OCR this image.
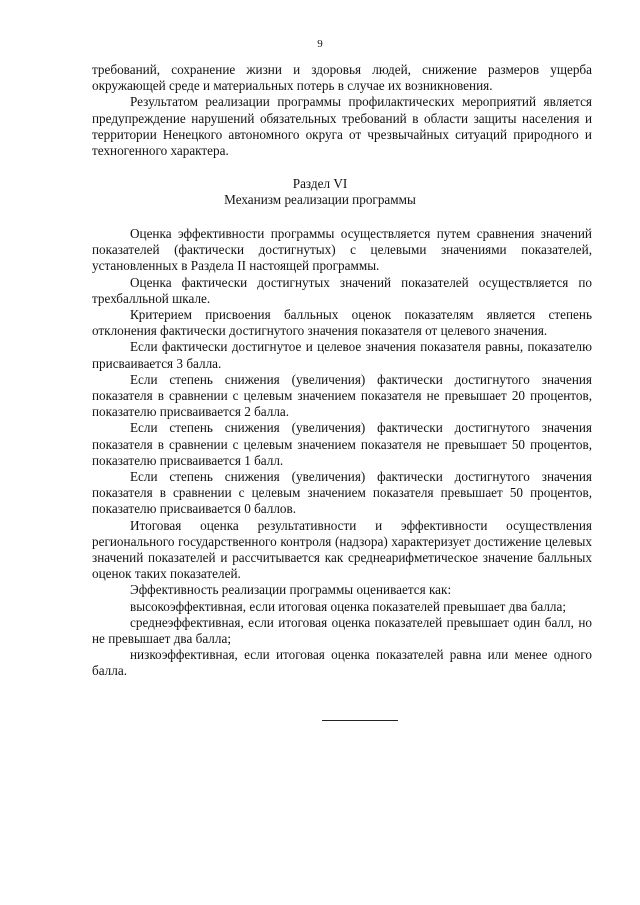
9

требований, сохранение жизни и здоровья людей, снижение размеров ущерба окружающей среде и материальных потерь в случае их возникновения.

Результатом реализации программы профилактических мероприятий является предупреждение нарушений обязательных требований в области защиты населения и территории Ненецкого автономного округа от чрезвычайных ситуаций природного и техногенного характера.

Раздел VI
Механизм реализации программы

Оценка эффективности программы осуществляется путем сравнения значений показателей (фактически достигнутых) с целевыми значениями показателей, установленных в Раздела II настоящей программы.

Оценка фактически достигнутых значений показателей осуществляется по трехбалльной шкале.

Критерием присвоения балльных оценок показателям является степень отклонения фактически достигнутого значения показателя от целевого значения.

Если фактически достигнутое и целевое значения показателя равны, показателю присваивается 3 балла.

Если степень снижения (увеличения) фактически достигнутого значения показателя в сравнении с целевым значением показателя не превышает 20 процентов, показателю присваивается 2 балла.

Если степень снижения (увеличения) фактически достигнутого значения показателя в сравнении с целевым значением показателя не превышает 50 процентов, показателю присваивается 1 балл.

Если степень снижения (увеличения) фактически достигнутого значения показателя в сравнении с целевым значением показателя превышает 50 процентов, показателю присваивается 0 баллов.

Итоговая оценка результативности и эффективности осуществления регионального государственного контроля (надзора) характеризует достижение целевых значений показателей и рассчитывается как среднеарифметическое значение балльных оценок таких показателей.

Эффективность реализации программы оценивается как:

высокоэффективная, если итоговая оценка показателей превышает два балла;

среднеэффективная, если итоговая оценка показателей превышает один балл, но не превышает два балла;

низкоэффективная, если итоговая оценка показателей равна или менее одного балла.
